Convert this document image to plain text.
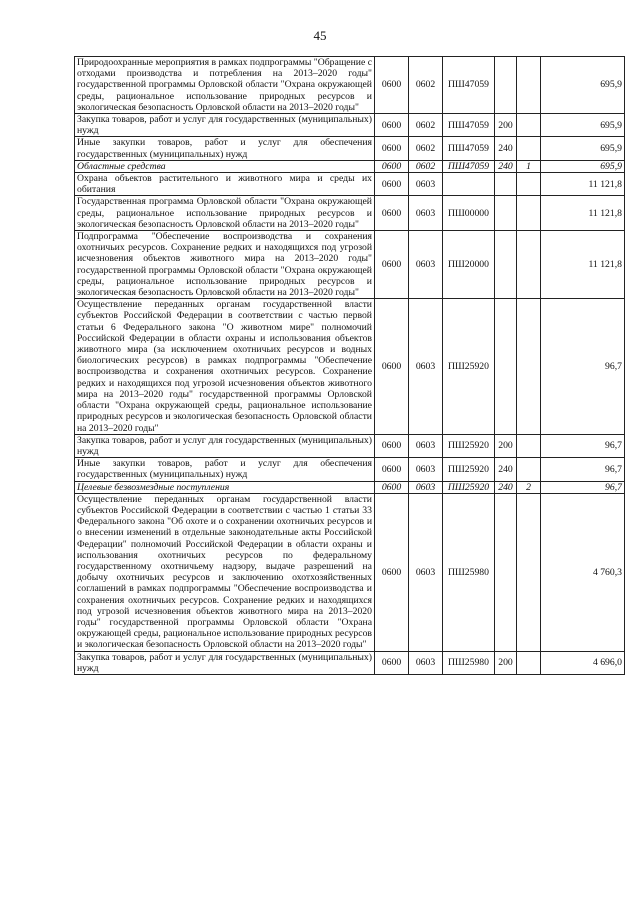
45
Природоохранные мероприятия в рамках подпрограммы "Обращение с отходами производства и потребления на 2013–2020 годы" государственной программы Орловской области "Охрана окружающей среды, рациональное использование природных ресурсов и экологическая безопасность Орловской области на 2013–2020 годы"	0600	0602	ПШ47059			695,9
Закупка товаров, работ и услуг для государственных (муниципальных) нужд	0600	0602	ПШ47059	200		695,9
Иные закупки товаров, работ и услуг для обеспечения государственных (муниципальных) нужд	0600	0602	ПШ47059	240		695,9
Областные средства	0600	0602	ПШ47059	240	1	695,9
Охрана объектов растительного и животного мира и среды их обитания	0600	0603				11 121,8
Государственная программа Орловской области "Охрана окружающей среды, рациональное использование природных ресурсов и экологическая безопасность Орловской области на 2013–2020 годы"	0600	0603	ПШ00000			11 121,8
Подпрограмма "Обеспечение воспроизводства и сохранения охотничьих ресурсов. Сохранение редких и находящихся под угрозой исчезновения объектов животного мира на 2013–2020 годы" государственной программы Орловской области "Охрана окружающей среды, рациональное использование природных ресурсов и экологическая безопасность Орловской области на 2013–2020 годы"	0600	0603	ПШ20000			11 121,8
Осуществление переданных органам государственной власти субъектов Российской Федерации в соответствии с частью первой статьи 6 Федерального закона "О животном мире" полномочий Российской Федерации в области охраны и использования объектов животного мира (за исключением охотничьих ресурсов и водных биологических ресурсов) в рамках подпрограммы "Обеспечение воспроизводства и сохранения охотничьих ресурсов. Сохранение редких и находящихся под угрозой исчезновения объектов животного мира на 2013–2020 годы" государственной программы Орловской области "Охрана окружающей среды, рациональное использование природных ресурсов и экологическая безопасность Орловской области на 2013–2020 годы"	0600	0603	ПШ25920			96,7
Закупка товаров, работ и услуг для государственных (муниципальных) нужд	0600	0603	ПШ25920	200		96,7
Иные закупки товаров, работ и услуг для обеспечения государственных (муниципальных) нужд	0600	0603	ПШ25920	240		96,7
Целевые безвозмездные поступления	0600	0603	ПШ25920	240	2	96,7
Осуществление переданных органам государственной власти субъектов Российской Федерации в соответствии с частью 1 статьи 33 Федерального закона "Об охоте и о сохранении охотничьих ресурсов и о внесении изменений в отдельные законодательные акты Российской Федерации" полномочий Российской Федерации в области охраны и использования охотничьих ресурсов по федеральному государственному охотничьему надзору, выдаче разрешений на добычу охотничьих ресурсов и заключению охотхозяйственных соглашений в рамках подпрограммы "Обеспечение воспроизводства и сохранения охотничьих ресурсов. Сохранение редких и находящихся под угрозой исчезновения объектов животного мира на 2013–2020 годы" государственной программы Орловской области "Охрана окружающей среды, рациональное использование природных ресурсов и экологическая безопасность Орловской области на 2013–2020 годы"	0600	0603	ПШ25980			4 760,3
Закупка товаров, работ и услуг для государственных (муниципальных) нужд	0600	0603	ПШ25980	200		4 696,0
